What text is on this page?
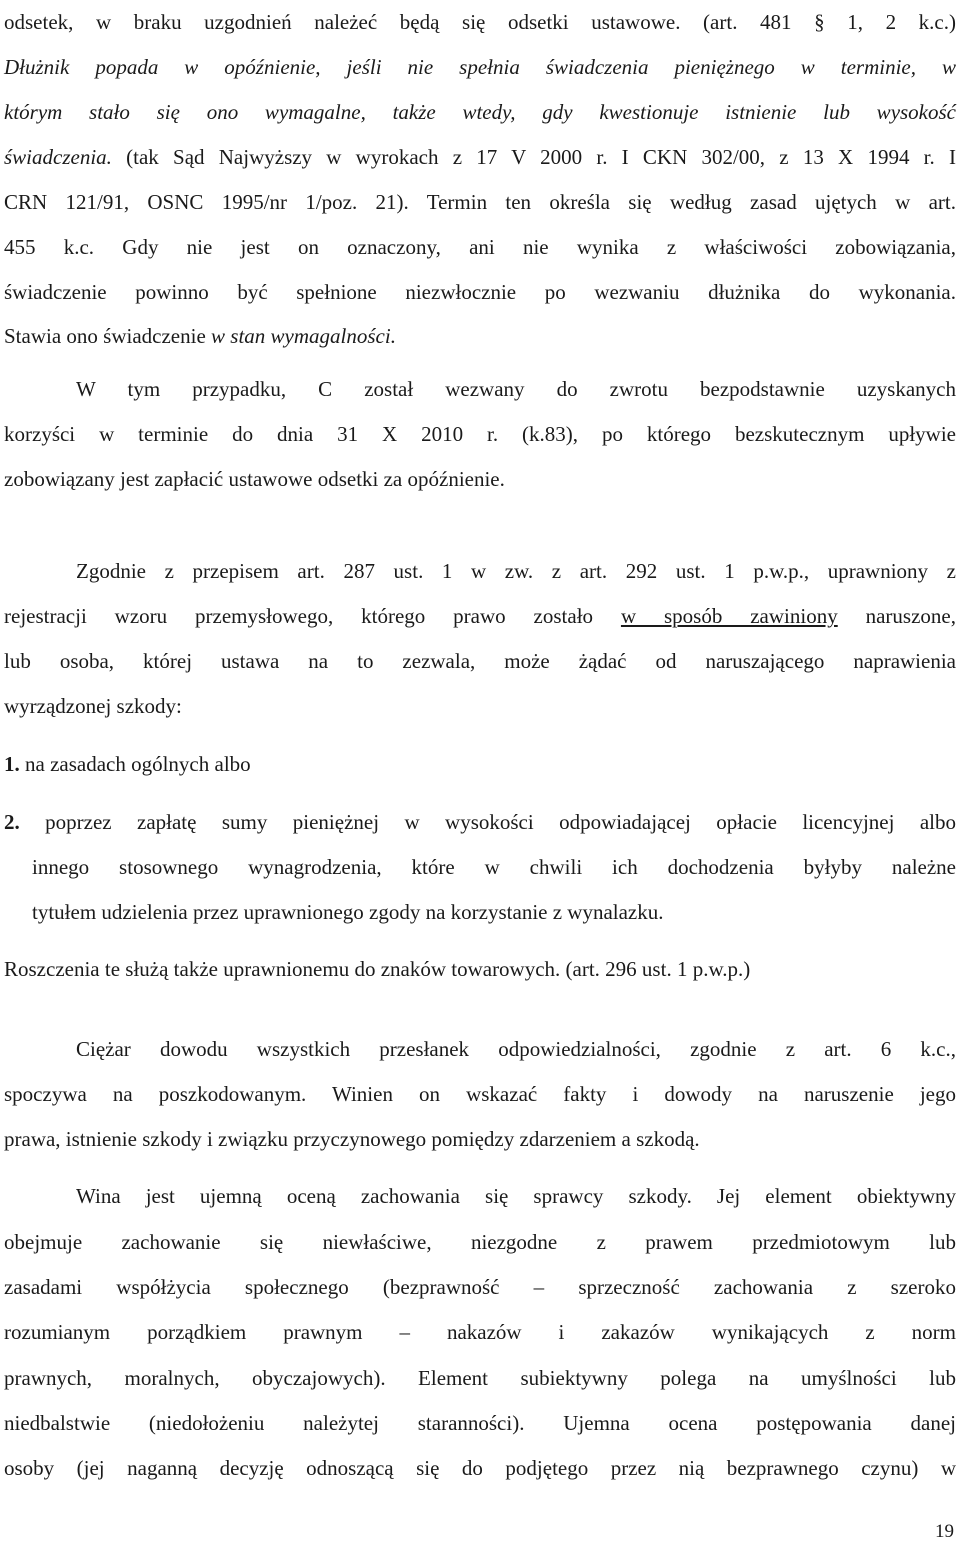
odsetek, w braku uzgodnień należeć będą się odsetki ustawowe. (art. 481 § 1, 2 k.c.)
Dłużnik popada w opóźnienie, jeśli nie spełnia świadczenia pieniężnego w terminie, w
którym stało się ono wymagalne, także wtedy, gdy kwestionuje istnienie lub wysokość
świadczenia. (tak Sąd Najwyższy w wyrokach z 17 V 2000 r. I CKN 302/00, z 13 X 1994 r. I
CRN 121/91, OSNC 1995/nr 1/poz. 21). Termin ten określa się według zasad ujętych w art.
455 k.c. Gdy nie jest on oznaczony, ani nie wynika z właściwości zobowiązania,
świadczenie powinno być spełnione niezwłocznie po wezwaniu dłużnika do wykonania.
Stawia ono świadczenie w stan wymagalności.
W tym przypadku, C został wezwany do zwrotu bezpodstawnie uzyskanych
korzyści w terminie do dnia 31 X 2010 r. (k.83), po którego bezskutecznym upływie
zobowiązany jest zapłacić ustawowe odsetki za opóźnienie.
Zgodnie z przepisem art. 287 ust. 1 w zw. z art. 292 ust. 1 p.w.p., uprawniony z
rejestracji wzoru przemysłowego, którego prawo zostało w sposób zawiniony naruszone,
lub osoba, której ustawa na to zezwala, może żądać od naruszającego naprawienia
wyrządzonej szkody:
1. na zasadach ogólnych albo
2. poprzez zapłatę sumy pieniężnej w wysokości odpowiadającej opłacie licencyjnej albo
innego stosownego wynagrodzenia, które w chwili ich dochodzenia byłyby należne
tytułem udzielenia przez uprawnionego zgody na korzystanie z wynalazku.
Roszczenia te służą także uprawnionemu do znaków towarowych. (art. 296 ust. 1 p.w.p.)
Ciężar dowodu wszystkich przesłanek odpowiedzialności, zgodnie z art. 6 k.c.,
spoczywa na poszkodowanym. Winien on wskazać fakty i dowody na naruszenie jego
prawa, istnienie szkody i związku przyczynowego pomiędzy zdarzeniem a szkodą.
Wina jest ujemną oceną zachowania się sprawcy szkody. Jej element obiektywny
obejmuje zachowanie się niewłaściwe, niezgodne z prawem przedmiotowym lub
zasadami współżycia społecznego (bezprawność – sprzeczność zachowania z szeroko
rozumianym porządkiem prawnym – nakazów i zakazów wynikających z norm
prawnych, moralnych, obyczajowych). Element subiektywny polega na umyślności lub
niedbalstwie (niedołożeniu należytej staranności). Ujemna ocena postępowania danej
osoby (jej naganną decyzję odnoszącą się do podjętego przez nią bezprawnego czynu) w
19
